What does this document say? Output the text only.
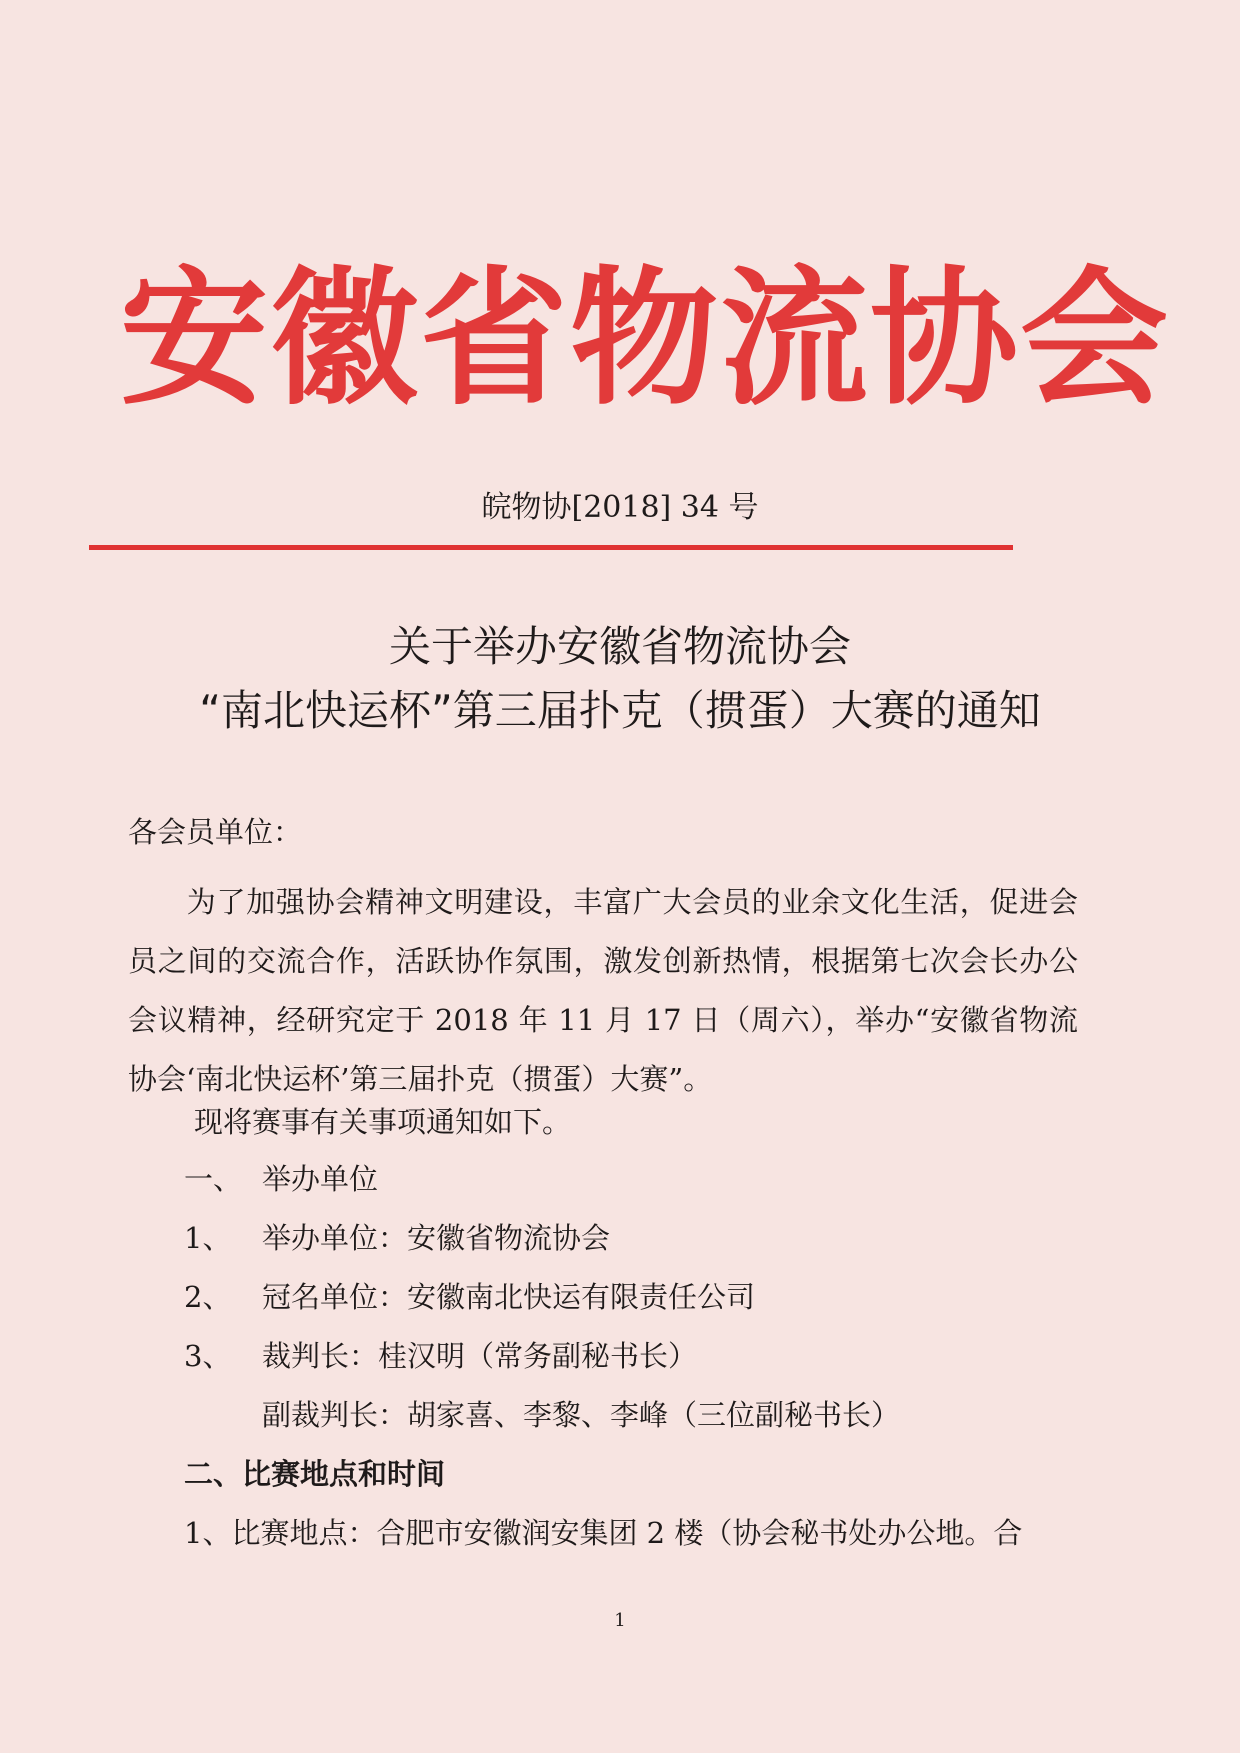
安徽省物流协会
皖物协[2018] 34 号
关于举办安徽省物流协会
“南北快运杯”第三届扑克（掼蛋）大赛的通知
各会员单位：
为了加强协会精神文明建设，丰富广大会员的业余文化生活，促进会员之间的交流合作，活跃协作氛围，激发创新热情，根据第七次会长办公会议精神，经研究定于 2018 年 11 月 17 日（周六），举办“安徽省物流协会‘南北快运杯’第三届扑克（掼蛋）大赛”。
现将赛事有关事项通知如下。
一、 举办单位
1、 举办单位：安徽省物流协会
2、 冠名单位：安徽南北快运有限责任公司
3、 裁判长：桂汉明（常务副秘书长）
副裁判长：胡家喜、李黎、李峰（三位副秘书长）
二、比赛地点和时间
1、比赛地点：合肥市安徽润安集团 2 楼（协会秘书处办公地。合
1
